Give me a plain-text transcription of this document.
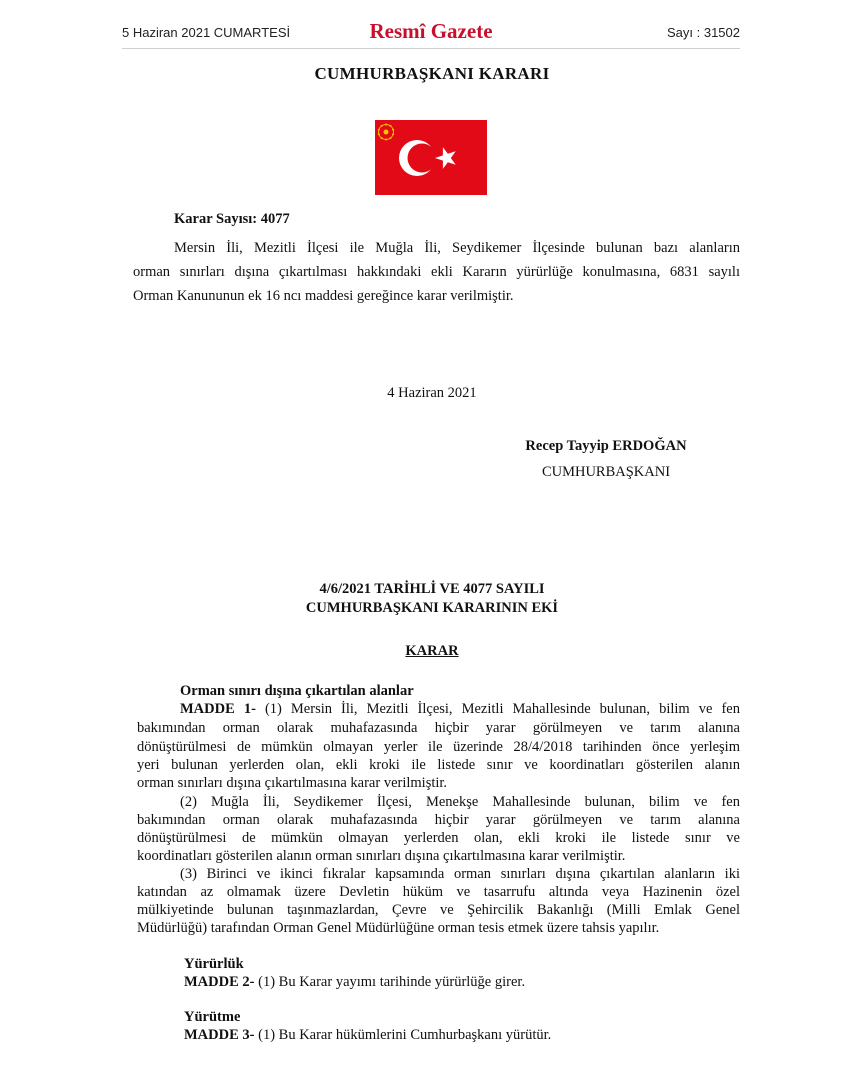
5 Haziran 2021 CUMARTESİ	Resmî Gazete	Sayı : 31502
CUMHURBAŞKANI KARARI
Karar Sayısı: 4077
Mersin İli, Mezitli İlçesi ile Muğla İli, Seydikemer İlçesinde bulunan bazı alanların
orman sınırları dışına çıkartılması hakkındaki ekli Kararın yürürlüğe konulmasına, 6831 sayılı
Orman Kanununun ek 16 ncı maddesi gereğince karar verilmiştir.
4 Haziran 2021
Recep Tayyip ERDOĞAN
CUMHURBAŞKANI
4/6/2021 TARİHLİ VE 4077 SAYILI
CUMHURBAŞKANI KARARININ EKİ
KARAR
Orman sınırı dışına çıkartılan alanlar
MADDE 1- (1) Mersin İli, Mezitli İlçesi, Mezitli Mahallesinde bulunan, bilim ve fen
bakımından orman olarak muhafazasında hiçbir yarar görülmeyen ve tarım alanına
dönüştürülmesi de mümkün olmayan yerler ile üzerinde 28/4/2018 tarihinden önce yerleşim
yeri bulunan yerlerden olan, ekli kroki ile listede sınır ve koordinatları gösterilen alanın
orman sınırları dışına çıkartılmasına karar verilmiştir.
(2) Muğla İli, Seydikemer İlçesi, Menekşe Mahallesinde bulunan, bilim ve fen
bakımından orman olarak muhafazasında hiçbir yarar görülmeyen ve tarım alanına
dönüştürülmesi de mümkün olmayan yerlerden olan, ekli kroki ile listede sınır ve
koordinatları gösterilen alanın orman sınırları dışına çıkartılmasına karar verilmiştir.
(3) Birinci ve ikinci fıkralar kapsamında orman sınırları dışına çıkartılan alanların iki
katından az olmamak üzere Devletin hüküm ve tasarrufu altında veya Hazinenin özel
mülkiyetinde bulunan taşınmazlardan, Çevre ve Şehircilik Bakanlığı (Milli Emlak Genel
Müdürlüğü) tarafından Orman Genel Müdürlüğüne orman tesis etmek üzere tahsis yapılır.
Yürürlük
MADDE 2- (1) Bu Karar yayımı tarihinde yürürlüğe girer.
Yürütme
MADDE 3- (1) Bu Karar hükümlerini Cumhurbaşkanı yürütür.
